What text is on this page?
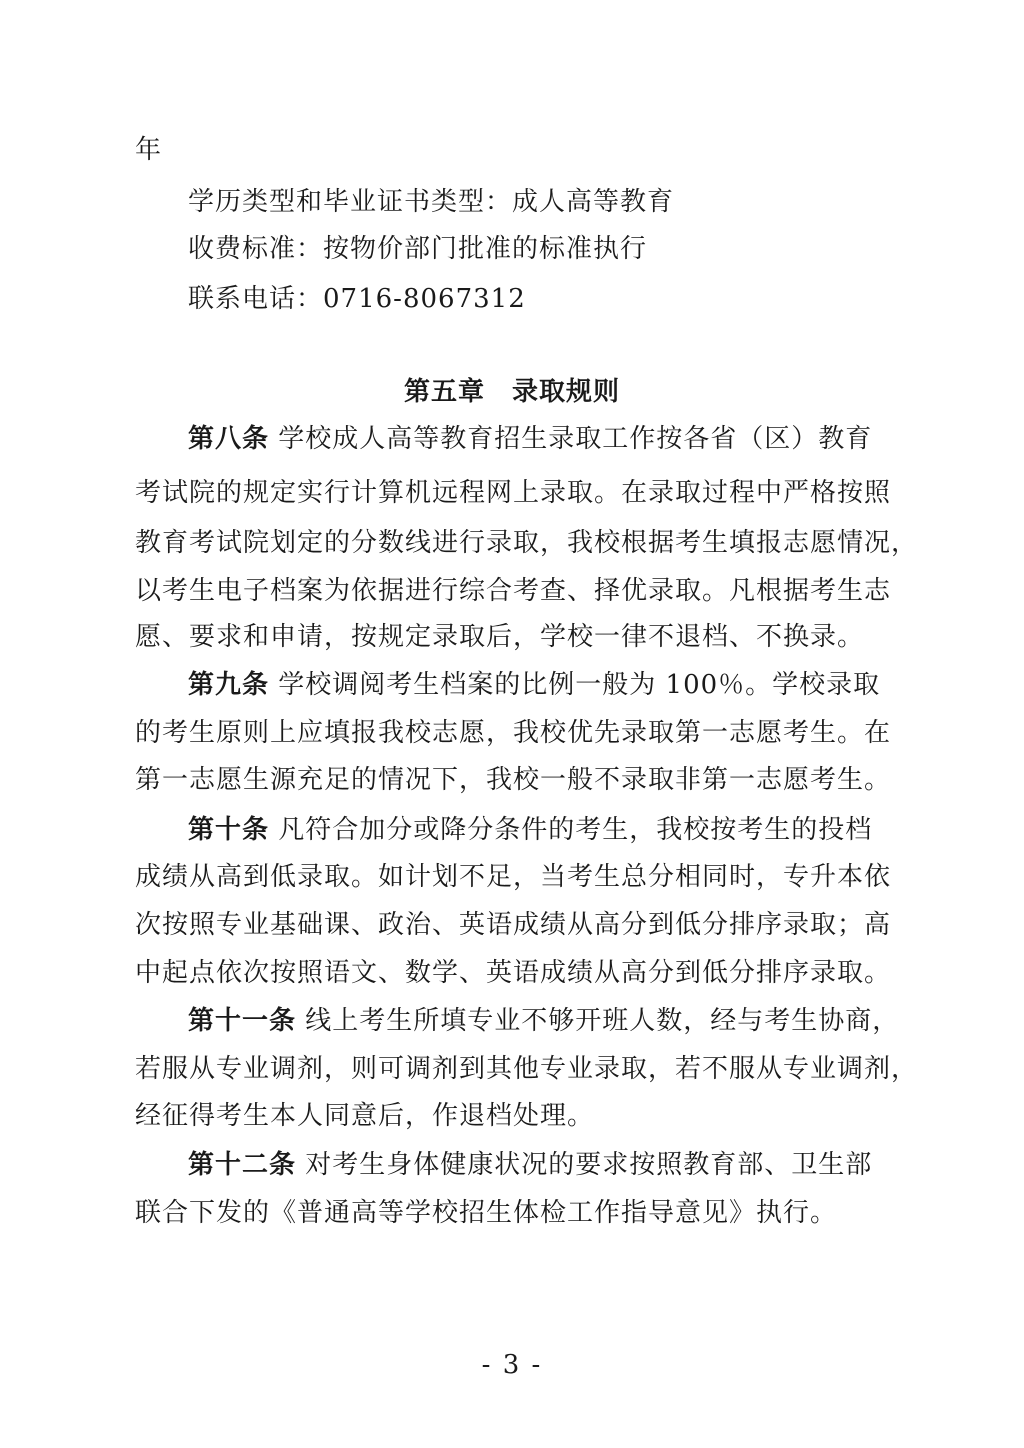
年
学历类型和毕业证书类型：成人高等教育
收费标准：按物价部门批准的标准执行
联系电话：0716-8067312
第五章　录取规则
第八条 学校成人高等教育招生录取工作按各省（区）教育
考试院的规定实行计算机远程网上录取。在录取过程中严格按照
教育考试院划定的分数线进行录取，我校根据考生填报志愿情况，
以考生电子档案为依据进行综合考查、择优录取。凡根据考生志
愿、要求和申请，按规定录取后，学校一律不退档、不换录。
第九条 学校调阅考生档案的比例一般为 100％。学校录取
的考生原则上应填报我校志愿，我校优先录取第一志愿考生。在
第一志愿生源充足的情况下，我校一般不录取非第一志愿考生。
第十条 凡符合加分或降分条件的考生，我校按考生的投档
成绩从高到低录取。如计划不足，当考生总分相同时，专升本依
次按照专业基础课、政治、英语成绩从高分到低分排序录取；高
中起点依次按照语文、数学、英语成绩从高分到低分排序录取。
第十一条 线上考生所填专业不够开班人数，经与考生协商，
若服从专业调剂，则可调剂到其他专业录取，若不服从专业调剂，
经征得考生本人同意后，作退档处理。
第十二条 对考生身体健康状况的要求按照教育部、卫生部
联合下发的《普通高等学校招生体检工作指导意见》执行。
- 3 -
